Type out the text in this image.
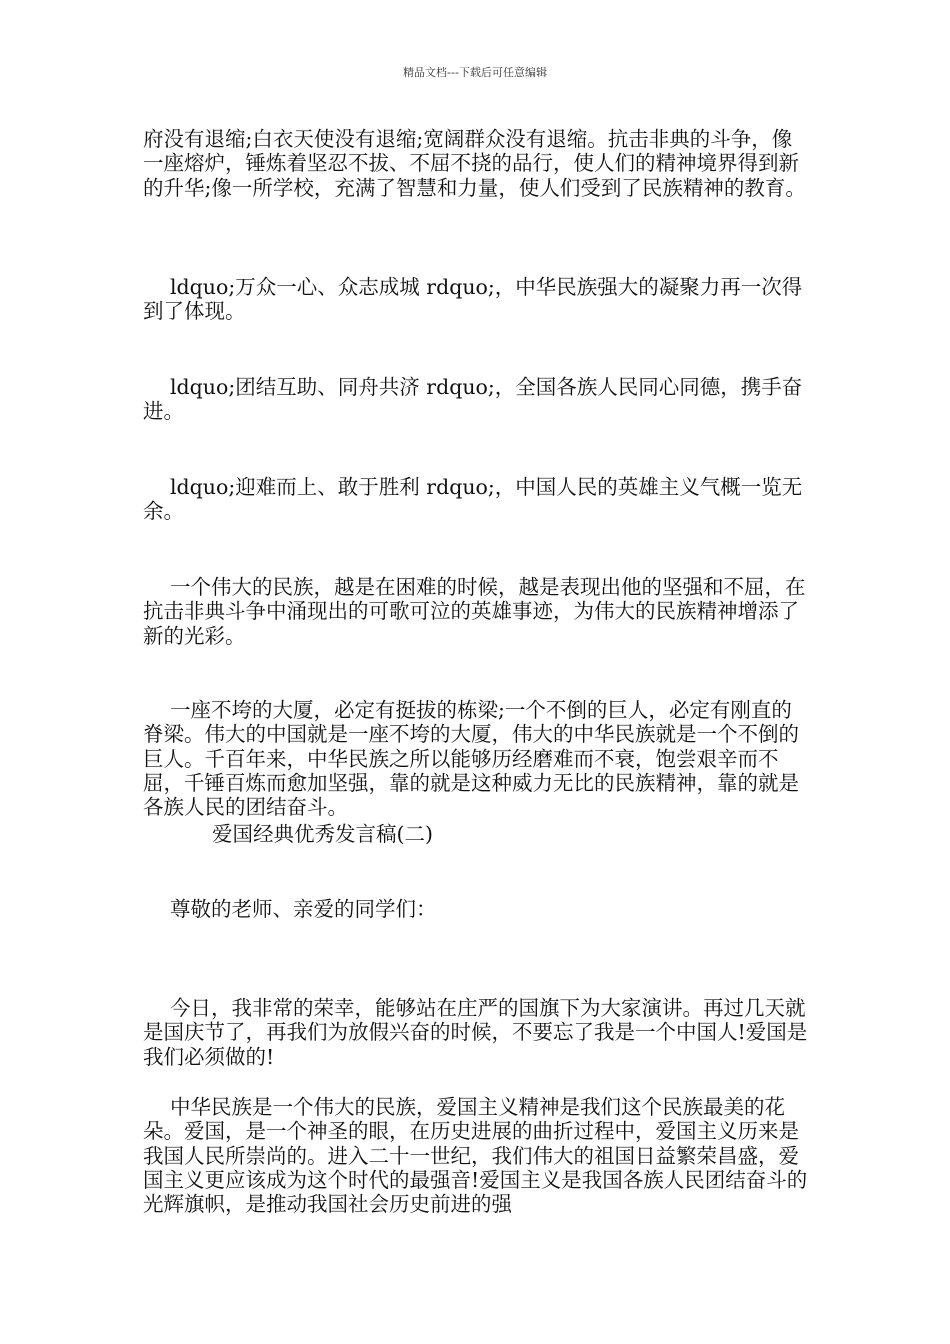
精品文档---下载后可任意编辑

府没有退缩;白衣天使没有退缩;宽阔群众没有退缩。抗击非典的斗争，像一座熔炉，锤炼着坚忍不拔、不屈不挠的品行，使人们的精神境界得到新的升华;像一所学校，充满了智慧和力量，使人们受到了民族精神的教育。

ldquo;万众一心、众志成城 rdquo;，中华民族强大的凝聚力再一次得到了体现。

ldquo;团结互助、同舟共济 rdquo;，全国各族人民同心同德，携手奋进。

ldquo;迎难而上、敢于胜利 rdquo;，中国人民的英雄主义气概一览无余。

一个伟大的民族，越是在困难的时候，越是表现出他的坚强和不屈，在抗击非典斗争中涌现出的可歌可泣的英雄事迹，为伟大的民族精神增添了新的光彩。

一座不垮的大厦，必定有挺拔的栋梁;一个不倒的巨人，必定有刚直的脊梁。伟大的中国就是一座不垮的大厦，伟大的中华民族就是一个不倒的巨人。千百年来，中华民族之所以能够历经磨难而不衰，饱尝艰辛而不屈，千锤百炼而愈加坚强，靠的就是这种威力无比的民族精神，靠的就是各族人民的团结奋斗。

爱国经典优秀发言稿(二)

尊敬的老师、亲爱的同学们：

今日，我非常的荣幸，能够站在庄严的国旗下为大家演讲。再过几天就是国庆节了，再我们为放假兴奋的时候，不要忘了我是一个中国人!爱国是我们必须做的!

中华民族是一个伟大的民族，爱国主义精神是我们这个民族最美的花朵。爱国，是一个神圣的眼，在历史进展的曲折过程中，爱国主义历来是我国人民所崇尚的。进入二十一世纪，我们伟大的祖国日益繁荣昌盛，爱国主义更应该成为这个时代的最强音!爱国主义是我国各族人民团结奋斗的光辉旗帜，是推动我国社会历史前进的强
